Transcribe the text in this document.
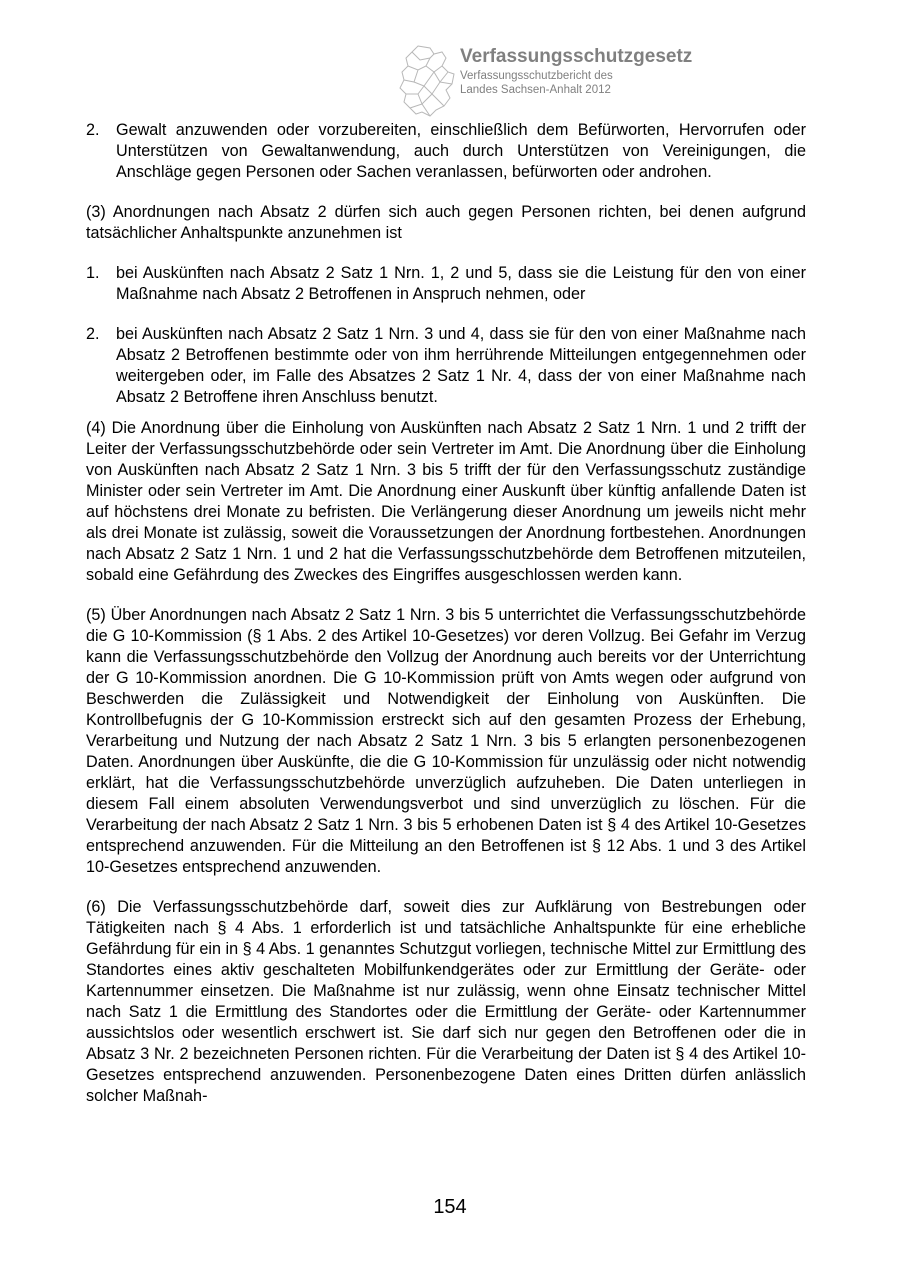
Verfassungsschutzgesetz
Verfassungsschutzbericht des
Landes Sachsen-Anhalt 2012
2. Gewalt anzuwenden oder vorzubereiten, einschließlich dem Befürworten, Hervorrufen oder Unterstützen von Gewaltanwendung, auch durch Unterstützen von Vereinigungen, die Anschläge gegen Personen oder Sachen veranlassen, befürworten oder androhen.

(3) Anordnungen nach Absatz 2 dürfen sich auch gegen Personen richten, bei denen aufgrund tatsächlicher Anhaltspunkte anzunehmen ist

1. bei Auskünften nach Absatz 2 Satz 1 Nrn. 1, 2 und 5, dass sie die Leistung für den von einer Maßnahme nach Absatz 2 Betroffenen in Anspruch nehmen, oder
2. bei Auskünften nach Absatz 2 Satz 1 Nrn. 3 und 4, dass sie für den von einer Maßnahme nach Absatz 2 Betroffenen bestimmte oder von ihm herrührende Mitteilungen entgegennehmen oder weitergeben oder, im Falle des Absatzes 2 Satz 1 Nr. 4, dass der von einer Maßnahme nach Absatz 2 Betroffene ihren Anschluss benutzt.

(4) Die Anordnung über die Einholung von Auskünften nach Absatz 2 Satz 1 Nrn. 1 und 2 trifft der Leiter der Verfassungsschutzbehörde oder sein Vertreter im Amt. Die Anordnung über die Einholung von Auskünften nach Absatz 2 Satz 1 Nrn. 3 bis 5 trifft der für den Verfassungsschutz zuständige Minister oder sein Vertreter im Amt. Die Anordnung einer Auskunft über künftig anfallende Daten ist auf höchstens drei Monate zu befristen. Die Verlängerung dieser Anordnung um jeweils nicht mehr als drei Monate ist zulässig, soweit die Voraussetzungen der Anordnung fortbestehen. Anordnungen nach Absatz 2 Satz 1 Nrn. 1 und 2 hat die Verfassungsschutzbehörde dem Betroffenen mitzuteilen, sobald eine Gefährdung des Zweckes des Eingriffes ausgeschlossen werden kann.

(5) Über Anordnungen nach Absatz 2 Satz 1 Nrn. 3 bis 5 unterrichtet die Verfassungsschutzbehörde die G 10-Kommission (§ 1 Abs. 2 des Artikel 10-Gesetzes) vor deren Vollzug. Bei Gefahr im Verzug kann die Verfassungsschutzbehörde den Vollzug der Anordnung auch bereits vor der Unterrichtung der G 10-Kommission anordnen. Die G 10-Kommission prüft von Amts wegen oder aufgrund von Beschwerden die Zulässigkeit und Notwendigkeit der Einholung von Auskünften. Die Kontrollbefugnis der G 10-Kommission erstreckt sich auf den gesamten Prozess der Erhebung, Verarbeitung und Nutzung der nach Absatz 2 Satz 1 Nrn. 3 bis 5 erlangten personenbezogenen Daten. Anordnungen über Auskünfte, die die G 10-Kommission für unzulässig oder nicht notwendig erklärt, hat die Verfassungsschutzbehörde unverzüglich aufzuheben. Die Daten unterliegen in diesem Fall einem absoluten Verwendungsverbot und sind unverzüglich zu löschen. Für die Verarbeitung der nach Absatz 2 Satz 1 Nrn. 3 bis 5 erhobenen Daten ist § 4 des Artikel 10-Gesetzes entsprechend anzuwenden. Für die Mitteilung an den Betroffenen ist § 12 Abs. 1 und 3 des Artikel 10-Gesetzes entsprechend anzuwenden.

(6) Die Verfassungsschutzbehörde darf, soweit dies zur Aufklärung von Bestrebungen oder Tätigkeiten nach § 4 Abs. 1 erforderlich ist und tatsächliche Anhaltspunkte für eine erhebliche Gefährdung für ein in § 4 Abs. 1 genanntes Schutzgut vorliegen, technische Mittel zur Ermittlung des Standortes eines aktiv geschalteten Mobilfunkendgerätes oder zur Ermittlung der Geräte- oder Kartennummer einsetzen. Die Maßnahme ist nur zulässig, wenn ohne Einsatz technischer Mittel nach Satz 1 die Ermittlung des Standortes oder die Ermittlung der Geräte- oder Kartennummer aussichtslos oder wesentlich erschwert ist. Sie darf sich nur gegen den Betroffenen oder die in Absatz 3 Nr. 2 bezeichneten Personen richten. Für die Verarbeitung der Daten ist § 4 des Artikel 10-Gesetzes entsprechend anzuwenden. Personenbezogene Daten eines Dritten dürfen anlässlich solcher Maßnah-

154
